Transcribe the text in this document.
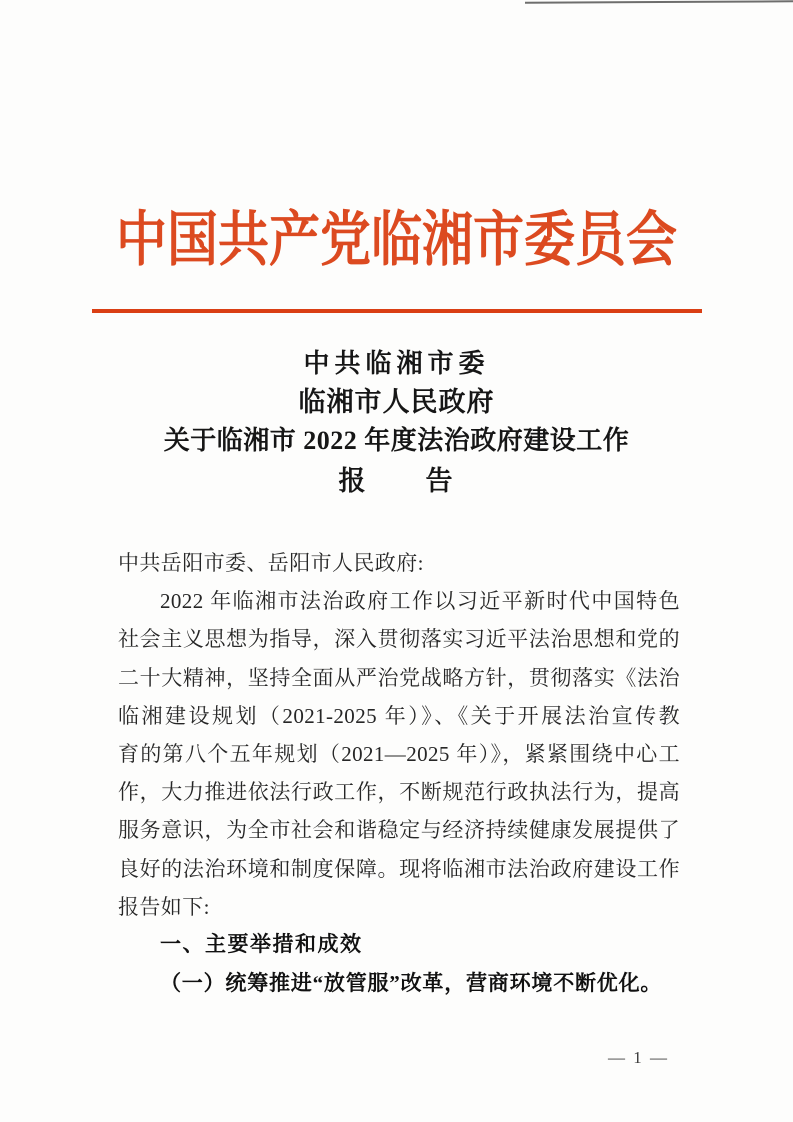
中国共产党临湘市委员会
中共临湘市委
临湘市人民政府
关于临湘市 2022 年度法治政府建设工作
报　　告
中共岳阳市委、岳阳市人民政府:
2022 年临湘市法治政府工作以习近平新时代中国特色
社会主义思想为指导，深入贯彻落实习近平法治思想和党的
二十大精神，坚持全面从严治党战略方针，贯彻落实《法治
临湘建设规划（2021-2025 年）》、《关于开展法治宣传教
育的第八个五年规划（2021—2025 年）》，紧紧围绕中心工
作，大力推进依法行政工作，不断规范行政执法行为，提高
服务意识，为全市社会和谐稳定与经济持续健康发展提供了
良好的法治环境和制度保障。现将临湘市法治政府建设工作
报告如下:
一、主要举措和成效
（一）统筹推进“放管服”改革，营商环境不断优化。
— 1 —
